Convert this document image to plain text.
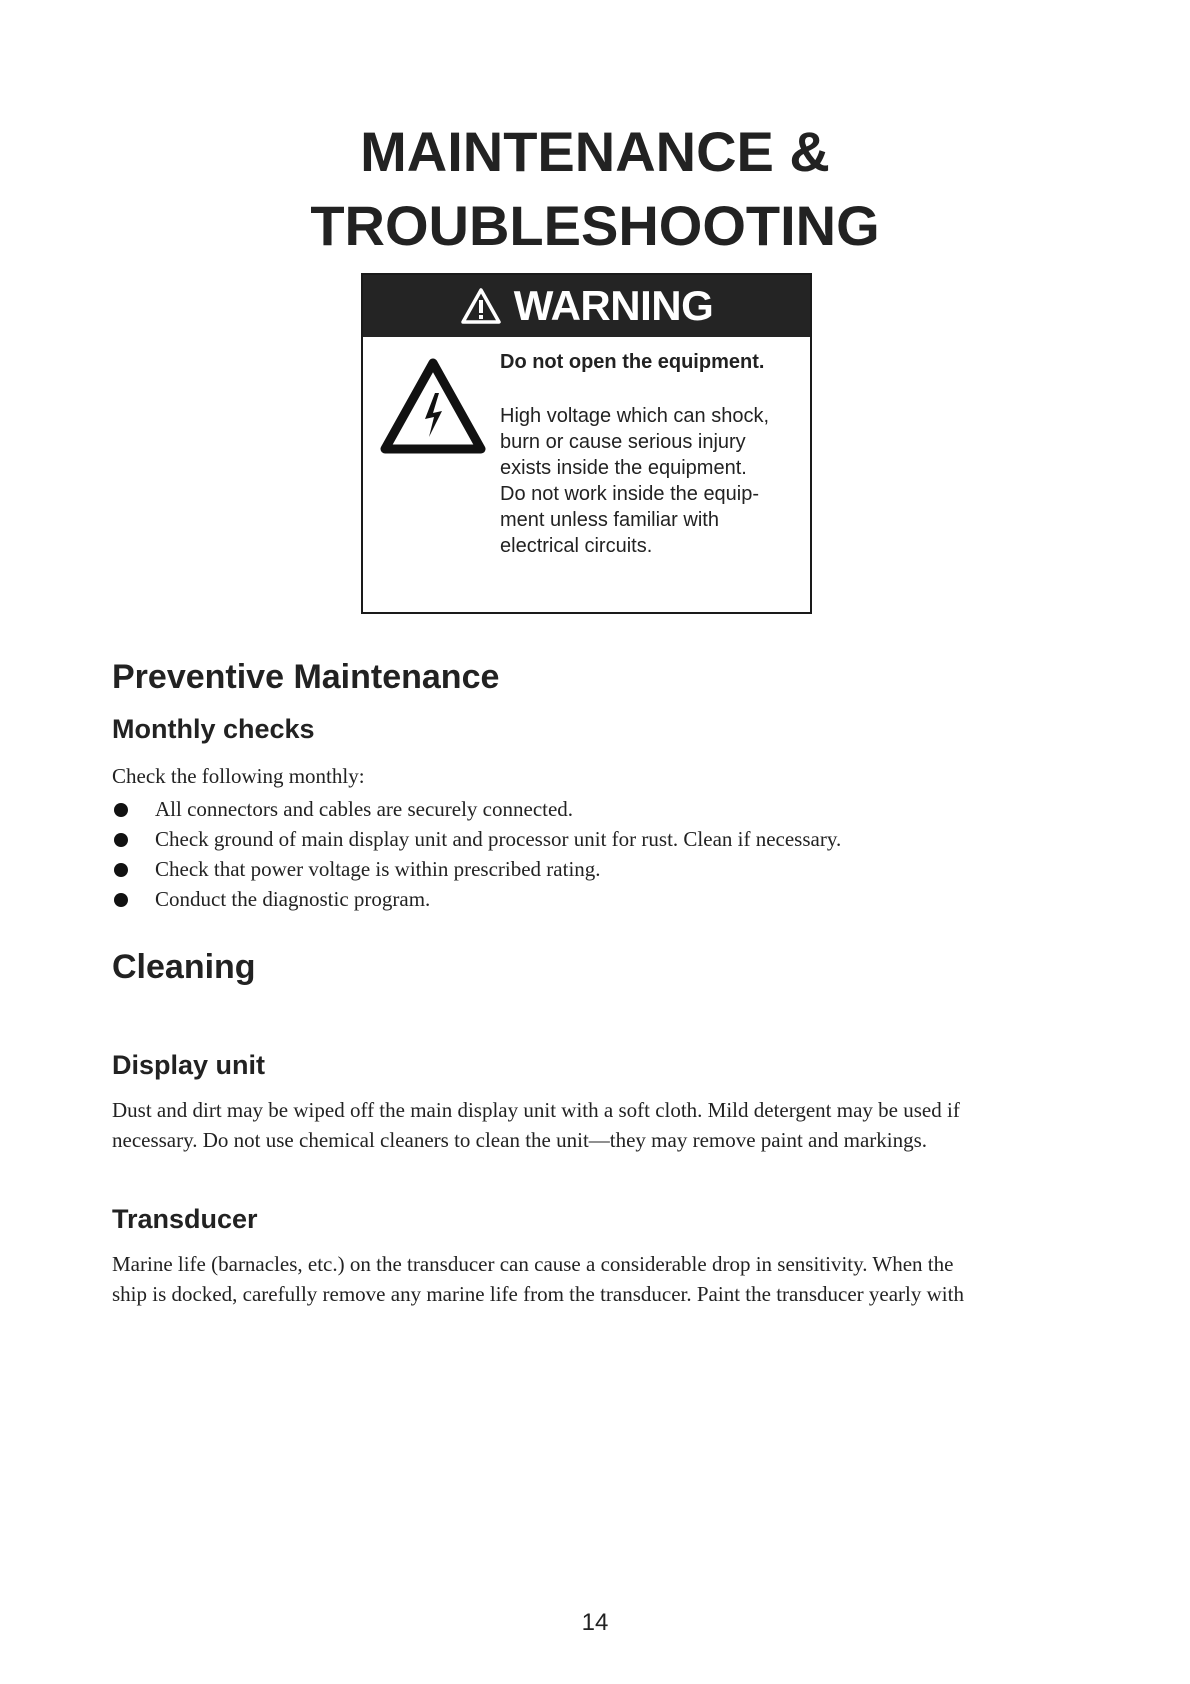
MAINTENANCE &
TROUBLESHOOTING
WARNING
Do not open the equipment.
High voltage which can shock,
burn or cause serious injury
exists inside the equipment.
Do not work inside the equip-
ment unless familiar with
electrical circuits.
Preventive Maintenance
Monthly checks
Check the following monthly:
All connectors and cables are securely connected.
Check ground of main display unit and processor unit for rust. Clean if necessary.
Check that power voltage is within prescribed rating.
Conduct the diagnostic program.
Cleaning
Display unit
Dust and dirt may be wiped off the main display unit with a soft cloth. Mild detergent may be used if
necessary. Do not use chemical cleaners to clean the unit—they may remove paint and markings.
Transducer
Marine life (barnacles, etc.) on the transducer can cause a considerable drop in sensitivity. When the
ship is docked, carefully remove any marine life from the transducer. Paint the transducer yearly with
14
